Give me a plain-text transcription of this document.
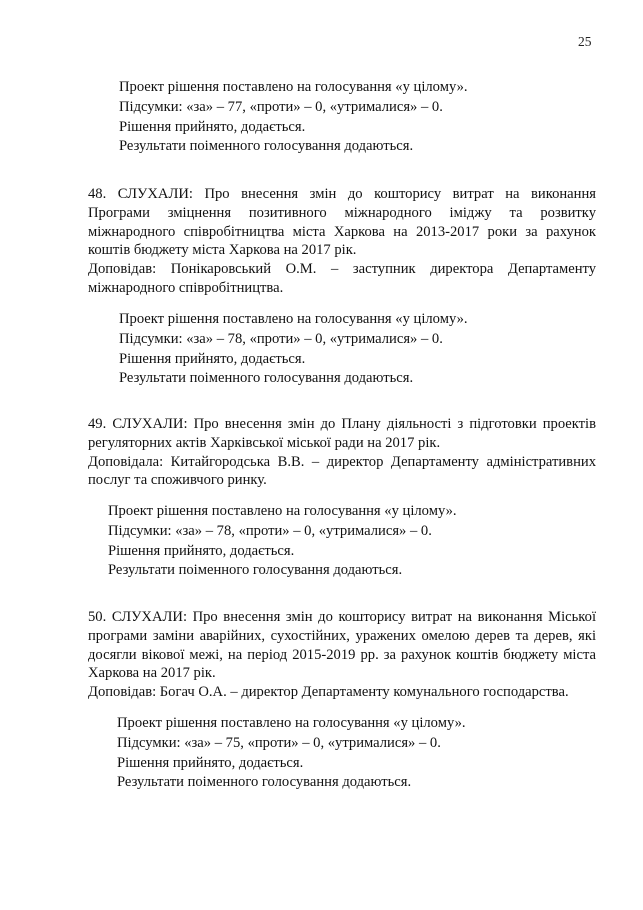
25
Проект рішення поставлено на голосування «у цілому».
Підсумки: «за» – 77, «проти» – 0, «утрималися» – 0.
Рішення прийнято, додається.
Результати поіменного голосування додаються.
48. СЛУХАЛИ: Про внесення змін до кошторису витрат на виконання
Програми зміцнення позитивного міжнародного іміджу та розвитку
міжнародного співробітництва міста Харкова на 2013-2017 роки за рахунок
коштів бюджету міста Харкова на 2017 рік.
Доповідав: Понікаровський О.М. – заступник директора Департаменту
міжнародного співробітництва.
Проект рішення поставлено на голосування «у цілому».
Підсумки: «за» – 78, «проти» – 0, «утрималися» – 0.
Рішення прийнято, додається.
Результати поіменного голосування додаються.
49. СЛУХАЛИ: Про внесення змін до Плану діяльності з підготовки проектів
регуляторних актів Харківської міської ради на 2017 рік.
Доповідала: Китайгородська В.В. – директор Департаменту адміністративних
послуг та споживчого ринку.
Проект рішення поставлено на голосування «у цілому».
Підсумки: «за» – 78, «проти» – 0, «утрималися» – 0.
Рішення прийнято, додається.
Результати поіменного голосування додаються.
50. СЛУХАЛИ: Про внесення змін до кошторису витрат на виконання Міської
програми заміни аварійних, сухостійних, уражених омелою дерев та дерев, які
досягли вікової межі, на період 2015-2019 рр. за рахунок коштів бюджету міста
Харкова на 2017 рік.
Доповідав: Богач О.А. – директор Департаменту комунального господарства.
Проект рішення поставлено на голосування «у цілому».
Підсумки: «за» – 75, «проти» – 0, «утрималися» – 0.
Рішення прийнято, додається.
Результати поіменного голосування додаються.
